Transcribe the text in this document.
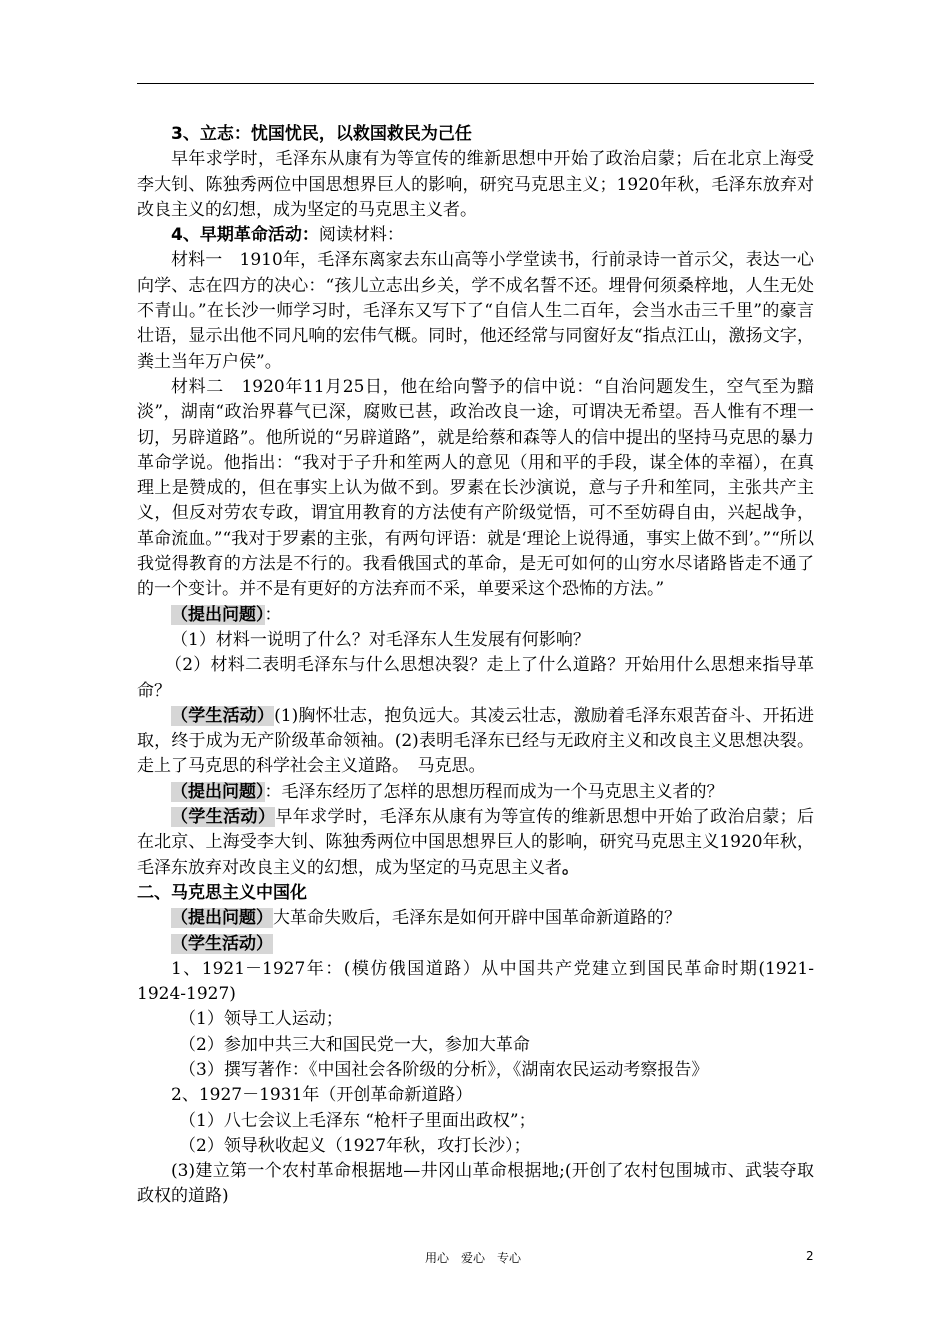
3、立志：忧国忧民，以救国救民为己任

早年求学时，毛泽东从康有为等宣传的维新思想中开始了政治启蒙；后在北京上海受李大钊、陈独秀两位中国思想界巨人的影响，研究马克思主义；1920年秋，毛泽东放弃对改良主义的幻想，成为坚定的马克思主义者。

4、早期革命活动：阅读材料：

材料一　1910年，毛泽东离家去东山高等小学堂读书，行前录诗一首示父，表达一心向学、志在四方的决心：“孩儿立志出乡关，学不成名誓不还。埋骨何须桑梓地，人生无处不青山。”在长沙一师学习时，毛泽东又写下了“自信人生二百年，会当水击三千里”的豪言壮语，显示出他不同凡响的宏伟气概。同时，他还经常与同窗好友“指点江山，激扬文字，粪土当年万户侯”。

材料二　1920年11月25日，他在给向警予的信中说：“自治问题发生，空气至为黯淡”，湖南“政治界暮气已深，腐败已甚，政治改良一途，可谓决无希望。吾人惟有不理一切，另辟道路”。他所说的“另辟道路”，就是给蔡和森等人的信中提出的坚持马克思的暴力革命学说。他指出：“我对于子升和笙两人的意见（用和平的手段，谋全体的幸福），在真理上是赞成的，但在事实上认为做不到。罗素在长沙演说，意与子升和笙同，主张共产主义，但反对劳农专政，谓宜用教育的方法使有产阶级觉悟，可不至妨碍自由，兴起战争，革命流血。”“我对于罗素的主张，有两句评语：就是‘理论上说得通，事实上做不到’。”“所以我觉得教育的方法是不行的。我看俄国式的革命，是无可如何的山穷水尽诸路皆走不通了的一个变计。并不是有更好的方法弃而不采，单要采这个恐怖的方法。”

（提出问题）：

（1）材料一说明了什么？对毛泽东人生发展有何影响？

（2）材料二表明毛泽东与什么思想决裂？走上了什么道路？开始用什么思想来指导革命？

（学生活动）(1)胸怀壮志，抱负远大。其凌云壮志，激励着毛泽东艰苦奋斗、开拓进取，终于成为无产阶级革命领袖。(2)表明毛泽东已经与无政府主义和改良主义思想决裂。走上了马克思的科学社会主义道路。　马克思。

（提出问题）：毛泽东经历了怎样的思想历程而成为一个马克思主义者的？

（学生活动）早年求学时，毛泽东从康有为等宣传的维新思想中开始了政治启蒙；后在北京、上海受李大钊、陈独秀两位中国思想界巨人的影响，研究马克思主义1920年秋，毛泽东放弃对改良主义的幻想，成为坚定的马克思主义者。

二、马克思主义中国化

（提出问题）大革命失败后，毛泽东是如何开辟中国革命新道路的？

（学生活动）

1、1921－1927年：(模仿俄国道路）从中国共产党建立到国民革命时期(1921-1924-1927)

（1）领导工人运动；

（2）参加中共三大和国民党一大，参加大革命

（3）撰写著作：《中国社会各阶级的分析》，《湖南农民运动考察报告》

2、1927－1931年（开创革命新道路）

（1）八七会议上毛泽东 “枪杆子里面出政权”；

（2）领导秋收起义（1927年秋，攻打长沙）；

(3)建立第一个农村革命根据地—井冈山革命根据地;(开创了农村包围城市、武装夺取政权的道路)

用心　爱心　专心	2
